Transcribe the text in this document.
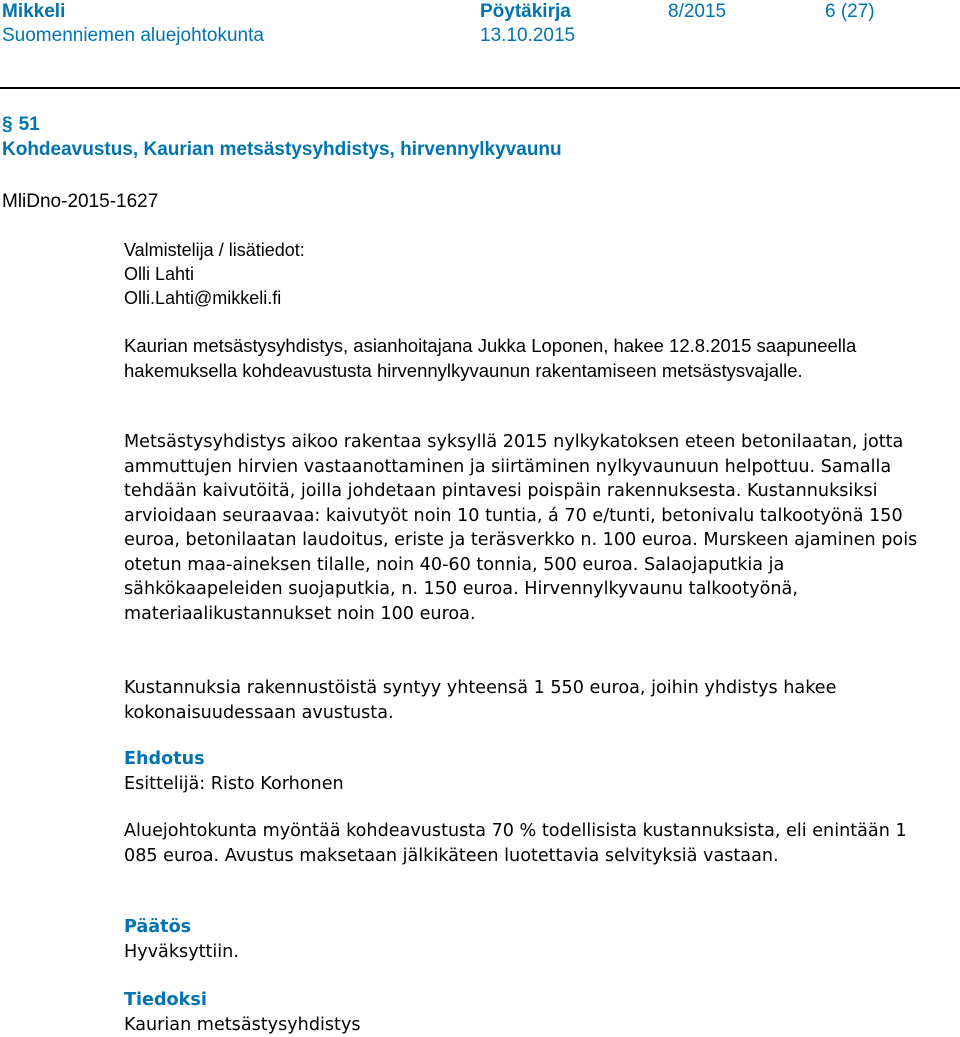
Mikkeli	Pöytäkirja	8/2015	6 (27)
Suomenniemen aluejohtokunta	13.10.2015
§ 51
Kohdeavustus, Kaurian metsästysyhdistys, hirvennylkyvaunu
MliDno-2015-1627
Valmistelija / lisätiedot:
Olli Lahti
Olli.Lahti@mikkeli.fi
Kaurian metsästysyhdistys, asianhoitajana Jukka Loponen, hakee 12.8.2015 saapuneella hakemuksella kohdeavustusta hirvennylkyvaunun rakentamiseen metsästysvajalle.
Metsästysyhdistys aikoo rakentaa syksyllä 2015 nylkykatoksen eteen betonilaatan, jotta ammuttujen hirvien vastaanottaminen ja siirtäminen nylkyvaunuun helpottuu. Samalla tehdään kaivutöitä, joilla johdetaan pintavesi poispäin rakennuksesta. Kustannuksiksi arvioidaan seuraavaa: kaivutyöt noin 10 tuntia, á 70 e/tunti, betonivalu talkootyönä 150 euroa, betonilaatan laudoitus, eriste ja teräsverkko n. 100 euroa. Murskeen ajaminen pois otetun maa-aineksen tilalle, noin 40-60 tonnia, 500 euroa. Salaojaputkia ja sähkökaapeleiden suojaputkia, n. 150 euroa. Hirvennylkyvaunu talkootyönä, materiaalikustannukset noin 100 euroa.
Kustannuksia rakennustöistä syntyy yhteensä 1 550 euroa, joihin yhdistys hakee kokonaisuudessaan avustusta.
Ehdotus
Esittelijä: Risto Korhonen
Aluejohtokunta myöntää kohdeavustusta 70 % todellisista kustannuksista, eli enintään 1 085 euroa. Avustus maksetaan jälkikäteen luotettavia selvityksiä vastaan.
Päätös
Hyväksyttiin.
Tiedoksi
Kaurian metsästysyhdistys
